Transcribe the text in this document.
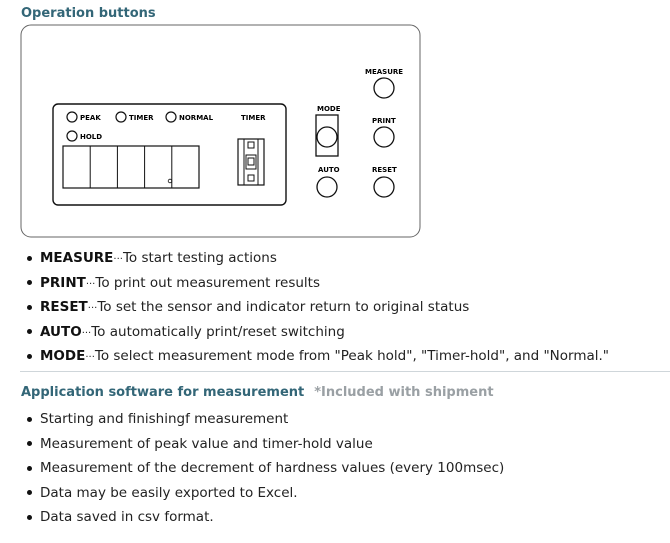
Operation buttons
PEAK	TIMER	NORMAL
HOLD
TIMER
MEASURE
MODE
PRINT
AUTO	RESET
MEASURE···To start testing actions
PRINT···To print out measurement results
RESET···To set the sensor and indicator return to original status
AUTO···To automatically print/reset switching
MODE···To select measurement mode from "Peak hold", "Timer-hold", and "Normal."
Application software for measurement *Included with shipment
Starting and finishingf measurement
Measurement of peak value and timer-hold value
Measurement of the decrement of hardness values (every 100msec)
Data may be easily exported to Excel.
Data saved in csv format.
